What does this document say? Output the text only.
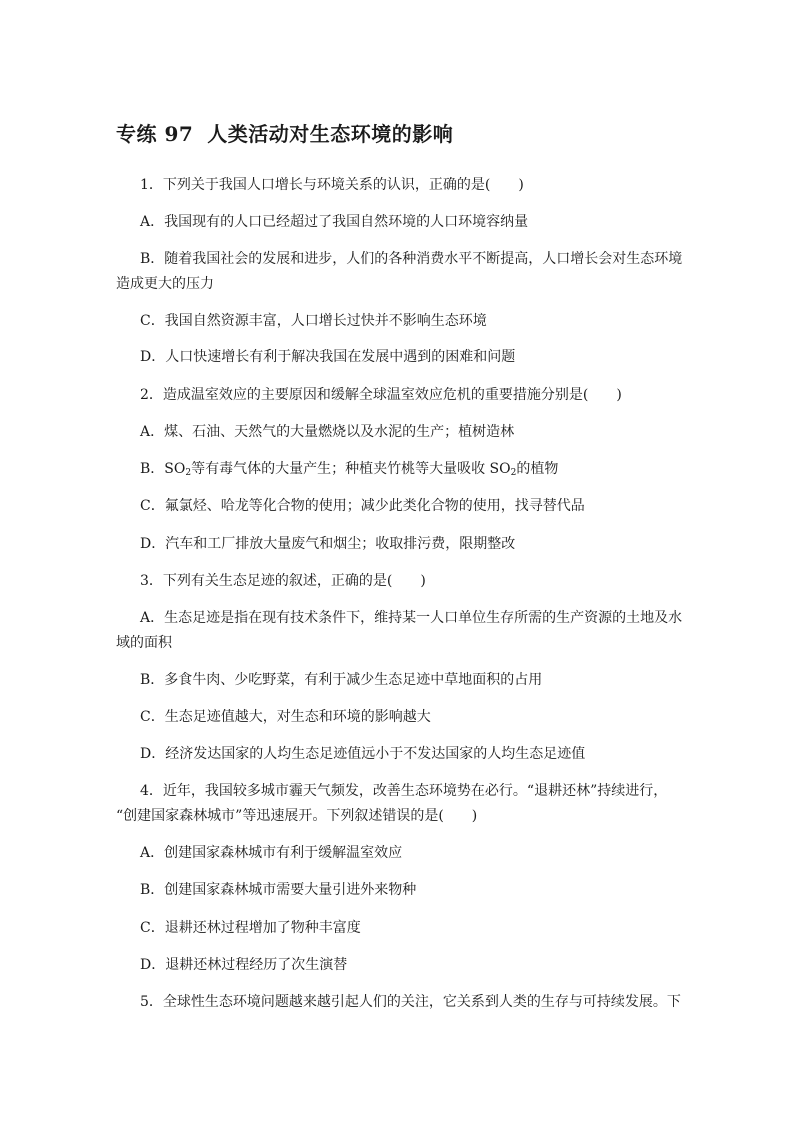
专练 97 人类活动对生态环境的影响
1．下列关于我国人口增长与环境关系的认识，正确的是(　　)
A．我国现有的人口已经超过了我国自然环境的人口环境容纳量
B．随着我国社会的发展和进步，人们的各种消费水平不断提高，人口增长会对生态环境
造成更大的压力
C．我国自然资源丰富，人口增长过快并不影响生态环境
D．人口快速增长有利于解决我国在发展中遇到的困难和问题
2．造成温室效应的主要原因和缓解全球温室效应危机的重要措施分别是(　　)
A．煤、石油、天然气的大量燃烧以及水泥的生产；植树造林
B．$SO_2$等有毒气体的大量产生；种植夹竹桃等大量吸收 $SO_2$的植物
C．氟氯烃、哈龙等化合物的使用；减少此类化合物的使用，找寻替代品
D．汽车和工厂排放大量废气和烟尘；收取排污费，限期整改
3．下列有关生态足迹的叙述，正确的是(　　)
A．生态足迹是指在现有技术条件下，维持某一人口单位生存所需的生产资源的土地及水
域的面积
B．多食牛肉、少吃野菜，有利于减少生态足迹中草地面积的占用
C．生态足迹值越大，对生态和环境的影响越大
D．经济发达国家的人均生态足迹值远小于不发达国家的人均生态足迹值
4．近年，我国较多城市霾天气频发，改善生态环境势在必行。“退耕还林”持续进行，
“创建国家森林城市”等迅速展开。下列叙述错误的是(　　)
A．创建国家森林城市有利于缓解温室效应
B．创建国家森林城市需要大量引进外来物种
C．退耕还林过程增加了物种丰富度
D．退耕还林过程经历了次生演替
5．全球性生态环境问题越来越引起人们的关注，它关系到人类的生存与可持续发展。下
